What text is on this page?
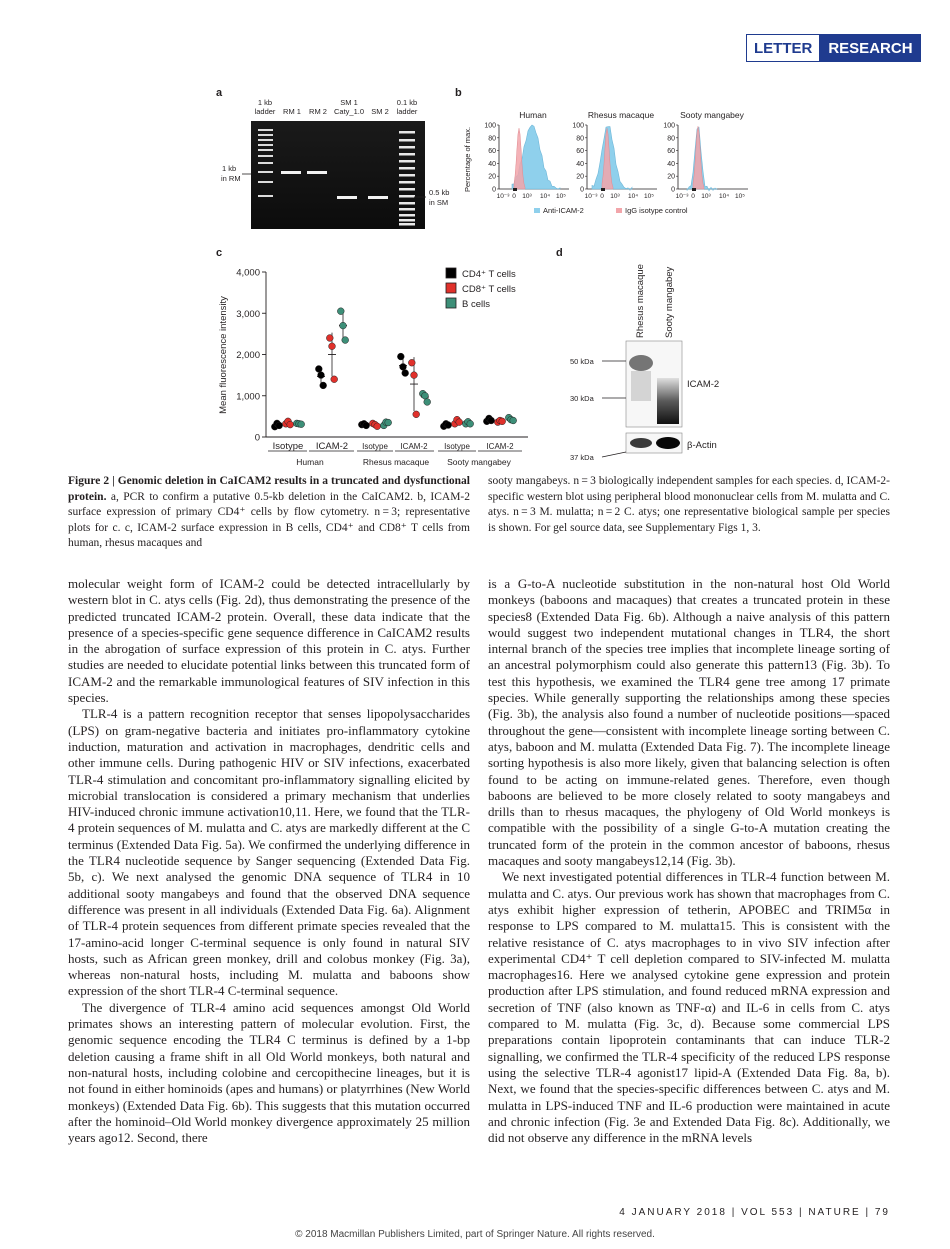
LETTER	RESEARCH
a
1 kb
ladder RM 1 RM 2
SM 1
Caty_1.0 SM 2
0.1 kb
ladder
1 kb
in RM
0.5 kb
in SM
b
Percentage of max.
Human
100
80
60
40
20
0
10⁻³ 0 10³ 10⁴ 10⁵
Rhesus macaque
100
80
60
40
20
0
10⁻³ 0 10³ 10⁴ 10⁵
Sooty mangabey
100
80
60
40
20
0
10⁻³ 0 10³ 10⁴ 10⁵
Anti-ICAM-2	IgG isotype control
c
Mean fluorescence intensity
4,000
3,000
2,000
1,000
0
Isotype ICAM-2 Isotype ICAM-2 Isotype ICAM-2
Human	Rhesus macaque Sooty mangabey
CD4⁺ T cells
CD8⁺ T cells
B cells
d
Rhesus macaque Sooty mangabey
50 kDa
30 kDa
37 kDa
ICAM-2
β-Actin
Figure 2 | Genomic deletion in CaICAM2 results in a truncated and dysfunctional protein. a, PCR to confirm a putative 0.5-kb deletion in the CaICAM2. b, ICAM-2 surface expression of primary CD4⁺ cells by flow cytometry. n = 3; representative plots for c. c, ICAM-2 surface expression in B cells, CD4⁺ and CD8⁺ T cells from human, rhesus macaques and
sooty mangabeys. n = 3 biologically independent samples for each species. d, ICAM-2-specific western blot using peripheral blood mononuclear cells from M. mulatta and C. atys. n = 3 M. mulatta; n = 2 C. atys; one representative biological sample per species is shown. For gel source data, see Supplementary Figs 1, 3.

molecular weight form of ICAM-2 could be detected intracellularly by western blot in C. atys cells (Fig. 2d), thus demonstrating the presence of the predicted truncated ICAM-2 protein. Overall, these data indicate that the presence of a species-specific gene sequence difference in CaICAM2 results in the abrogation of surface expression of this protein in C. atys. Further studies are needed to elucidate potential links between this truncated form of ICAM-2 and the remarkable immunological features of SIV infection in this species.

TLR-4 is a pattern recognition receptor that senses lipopolysaccharides (LPS) on gram-negative bacteria and initiates pro-inflammatory cytokine induction, maturation and activation in macrophages, dendritic cells and other immune cells. During pathogenic HIV or SIV infections, exacerbated TLR-4 stimulation and concomitant pro-inflammatory signalling elicited by microbial translocation is considered a primary mechanism that underlies HIV-induced chronic immune activation10,11. Here, we found that the TLR-4 protein sequences of M. mulatta and C. atys are markedly different at the C terminus (Extended Data Fig. 5a). We confirmed the underlying difference in the TLR4 nucleotide sequence by Sanger sequencing (Extended Data Fig. 5b, c). We next analysed the genomic DNA sequence of TLR4 in 10 additional sooty mangabeys and found that the observed DNA sequence difference was present in all individuals (Extended Data Fig. 6a). Alignment of TLR-4 protein sequences from different primate species revealed that the 17-amino-acid longer C-terminal sequence is only found in natural SIV hosts, such as African green monkey, drill and colobus monkey (Fig. 3a), whereas non-natural hosts, including M. mulatta and baboons show expression of the short TLR-4 C-terminal sequence.

The divergence of TLR-4 amino acid sequences amongst Old World primates shows an interesting pattern of molecular evolution. First, the genomic sequence encoding the TLR4 C terminus is defined by a 1-bp deletion causing a frame shift in all Old World monkeys, both natural and non-natural hosts, including colobine and cercopithecine lineages, but it is not found in either hominoids (apes and humans) or platyrrhines (New World monkeys) (Extended Data Fig. 6b). This suggests that this mutation occurred after the hominoid–Old World monkey divergence approximately 25 million years ago12. Second, there

is a G-to-A nucleotide substitution in the non-natural host Old World monkeys (baboons and macaques) that creates a truncated protein in these species8 (Extended Data Fig. 6b). Although a naive analysis of this pattern would suggest two independent mutational changes in TLR4, the short internal branch of the species tree implies that incomplete lineage sorting of an ancestral polymorphism could also generate this pattern13 (Fig. 3b). To test this hypothesis, we examined the TLR4 gene tree among 17 primate species. While generally supporting the relationships among these species (Fig. 3b), the analysis also found a number of nucleotide positions—spaced throughout the gene—consistent with incomplete lineage sorting between C. atys, baboon and M. mulatta (Extended Data Fig. 7). The incomplete lineage sorting hypothesis is also more likely, given that balancing selection is often found to be acting on immune-related genes. Therefore, even though baboons are believed to be more closely related to sooty mangabeys and drills than to rhesus macaques, the phylogeny of Old World monkeys is compatible with the possibility of a single G-to-A mutation creating the truncated form of the protein in the common ancestor of baboons, rhesus macaques and sooty mangabeys12,14 (Fig. 3b).

We next investigated potential differences in TLR-4 function between M. mulatta and C. atys. Our previous work has shown that macrophages from C. atys exhibit higher expression of tetherin, APOBEC and TRIM5α in response to LPS compared to M. mulatta15. This is consistent with the relative resistance of C. atys macrophages to in vivo SIV infection after experimental CD4⁺ T cell depletion compared to SIV-infected M. mulatta macrophages16. Here we analysed cytokine gene expression and protein production after LPS stimulation, and found reduced mRNA expression and secretion of TNF (also known as TNF-α) and IL-6 in cells from C. atys compared to M. mulatta (Fig. 3c, d). Because some commercial LPS preparations contain lipoprotein contaminants that can induce TLR-2 signalling, we confirmed the TLR-4 specificity of the reduced LPS response using the selective TLR-4 agonist17 lipid-A (Extended Data Fig. 8a, b). Next, we found that the species-specific differences between C. atys and M. mulatta in LPS-induced TNF and IL-6 production were maintained in acute and chronic infection (Fig. 3e and Extended Data Fig. 8c). Additionally, we did not observe any difference in the mRNA levels

4 JANUARY 2018 | VOL 553 | NATURE | 79
© 2018 Macmillan Publishers Limited, part of Springer Nature. All rights reserved.
